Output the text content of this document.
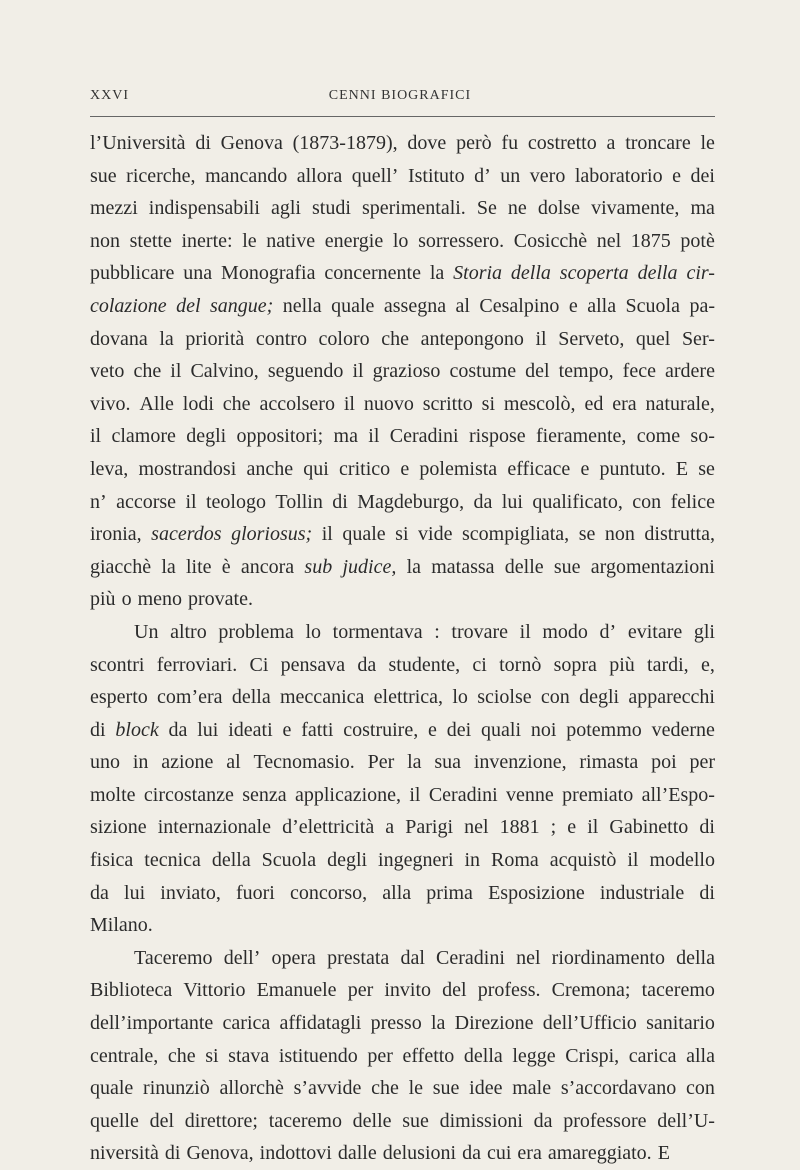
XXVI	CENNI BIOGRAFICI
l’Università di Genova (1873-1879), dove però fu costretto a troncare le
sue ricerche, mancando allora quell’ Istituto d’ un vero laboratorio e dei
mezzi indispensabili agli studi sperimentali. Se ne dolse vivamente, ma
non stette inerte: le native energie lo sorressero. Cosicchè nel 1875 potè
pubblicare una Monografia concernente la Storia della scoperta della cir-
colazione del sangue; nella quale assegna al Cesalpino e alla Scuola pa-
dovana la priorità contro coloro che antepongono il Serveto, quel Ser-
veto che il Calvino, seguendo il grazioso costume del tempo, fece ardere
vivo. Alle lodi che accolsero il nuovo scritto si mescolò, ed era naturale,
il clamore degli oppositori; ma il Ceradini rispose fieramente, come so-
leva, mostrandosi anche qui critico e polemista efficace e puntuto. E se
n’ accorse il teologo Tollin di Magdeburgo, da lui qualificato, con felice
ironia, sacerdos gloriosus; il quale si vide scompigliata, se non distrutta,
giacchè la lite è ancora sub judice, la matassa delle sue argomentazioni
più o meno provate.
Un altro problema lo tormentava : trovare il modo d’ evitare gli
scontri ferroviari. Ci pensava da studente, ci tornò sopra più tardi, e,
esperto com’era della meccanica elettrica, lo sciolse con degli apparecchi
di block da lui ideati e fatti costruire, e dei quali noi potemmo vederne
uno in azione al Tecnomasio. Per la sua invenzione, rimasta poi per
molte circostanze senza applicazione, il Ceradini venne premiato all’Espo-
sizione internazionale d’elettricità a Parigi nel 1881 ; e il Gabinetto di
fisica tecnica della Scuola degli ingegneri in Roma acquistò il modello
da lui inviato, fuori concorso, alla prima Esposizione industriale di
Milano.
Taceremo dell’ opera prestata dal Ceradini nel riordinamento della
Biblioteca Vittorio Emanuele per invito del profess. Cremona; taceremo
dell’importante carica affidatagli presso la Direzione dell’Ufficio sanitario
centrale, che si stava istituendo per effetto della legge Crispi, carica alla
quale rinunziò allorchè s’avvide che le sue idee male s’accordavano con
quelle del direttore; taceremo delle sue dimissioni da professore dell’U-
niversità di Genova, indottovi dalle delusioni da cui era amareggiato. E
